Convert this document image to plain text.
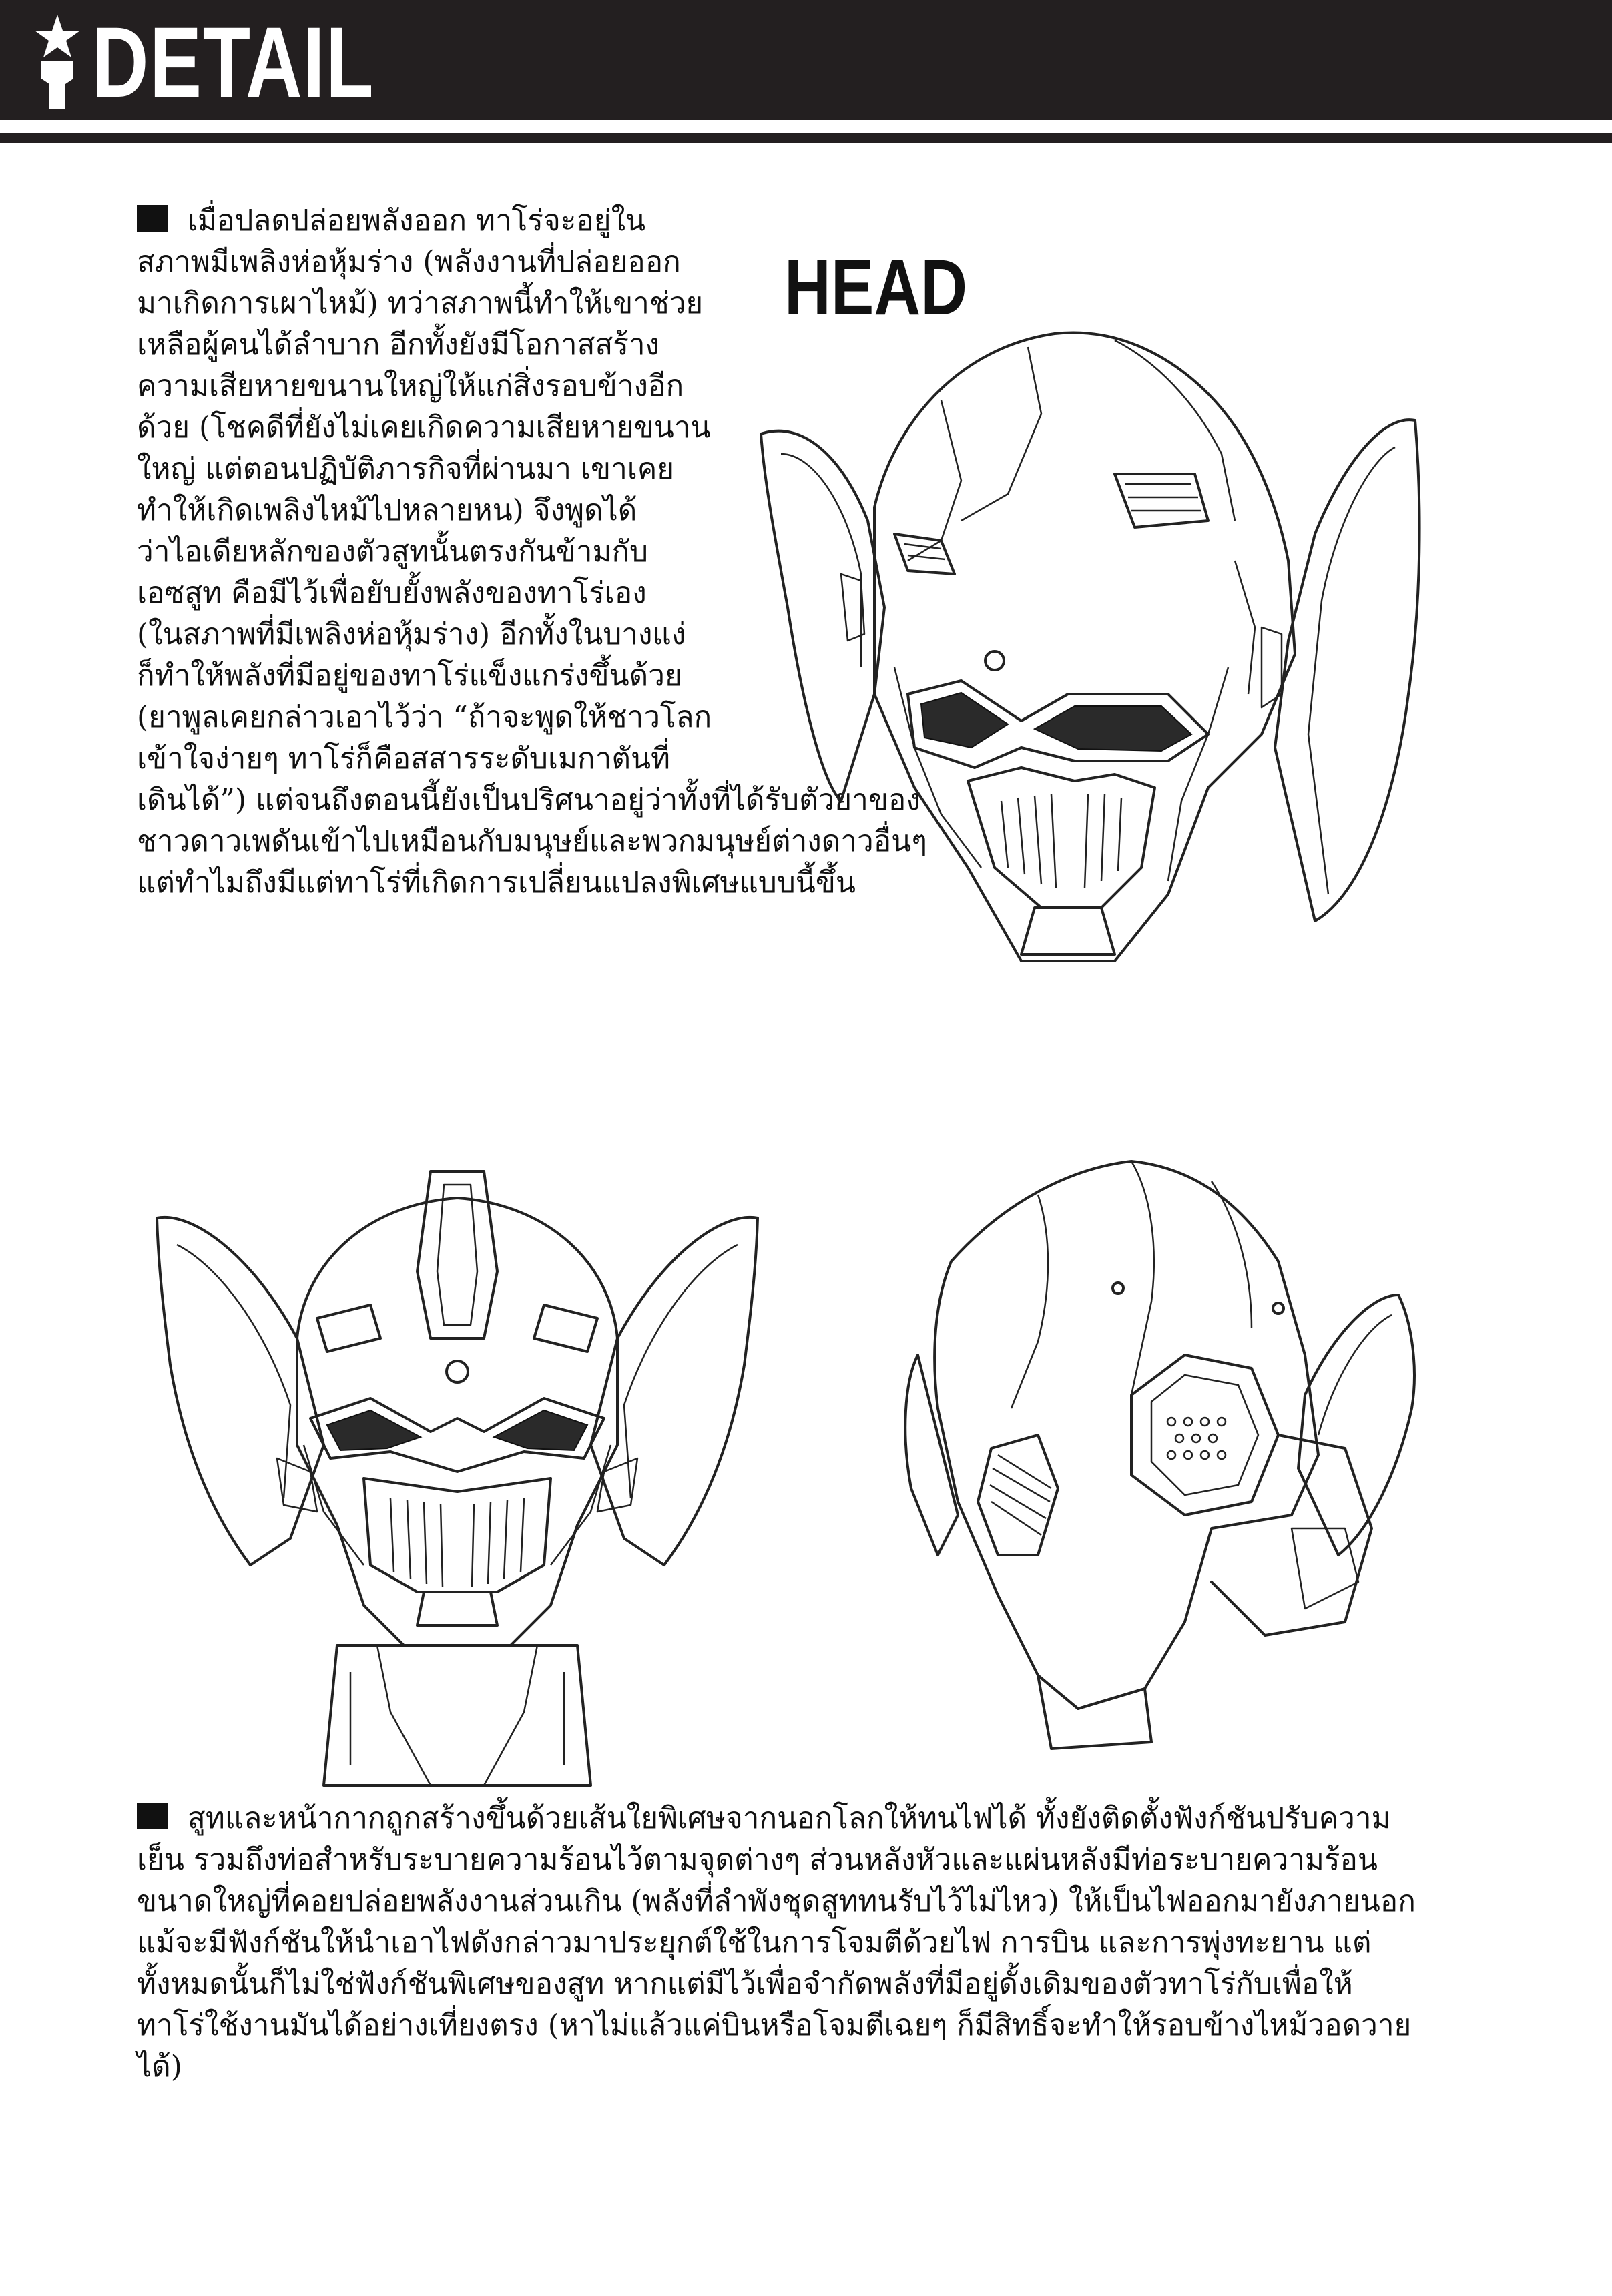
DETAIL
HEAD
เมื่อปลดปล่อยพลังออก ทาโร่จะอยู่ใน
สภาพมีเพลิงห่อหุ้มร่าง (พลังงานที่ปล่อยออก
มาเกิดการเผาไหม้) ทว่าสภาพนี้ทำให้เขาช่วย
เหลือผู้คนได้ลำบาก อีกทั้งยังมีโอกาสสร้าง
ความเสียหายขนานใหญ่ให้แก่สิ่งรอบข้างอีก
ด้วย (โชคดีที่ยังไม่เคยเกิดความเสียหายขนาน
ใหญ่ แต่ตอนปฏิบัติภารกิจที่ผ่านมา เขาเคย
ทำให้เกิดเพลิงไหม้ไปหลายหน) จึงพูดได้
ว่าไอเดียหลักของตัวสูทนั้นตรงกันข้ามกับ
เอซสูท คือมีไว้เพื่อยับยั้งพลังของทาโร่เอง
(ในสภาพที่มีเพลิงห่อหุ้มร่าง) อีกทั้งในบางแง่
ก็ทำให้พลังที่มีอยู่ของทาโร่แข็งแกร่งขึ้นด้วย
(ยาพูลเคยกล่าวเอาไว้ว่า “ถ้าจะพูดให้ชาวโลก
เข้าใจง่ายๆ ทาโร่ก็คือสสารระดับเมกาตันที่
เดินได้”) แต่จนถึงตอนนี้ยังเป็นปริศนาอยู่ว่าทั้งที่ได้รับตัวยาของ
ชาวดาวเพดันเข้าไปเหมือนกับมนุษย์และพวกมนุษย์ต่างดาวอื่นๆ
แต่ทำไมถึงมีแต่ทาโร่ที่เกิดการเปลี่ยนแปลงพิเศษแบบนี้ขึ้น
สูทและหน้ากากถูกสร้างขึ้นด้วยเส้นใยพิเศษจากนอกโลกให้ทนไฟได้ ทั้งยังติดตั้งฟังก์ชันปรับความ
เย็น รวมถึงท่อสำหรับระบายความร้อนไว้ตามจุดต่างๆ ส่วนหลังหัวและแผ่นหลังมีท่อระบายความร้อน
ขนาดใหญ่ที่คอยปล่อยพลังงานส่วนเกิน (พลังที่ลำพังชุดสูททนรับไว้ไม่ไหว) ให้เป็นไฟออกมายังภายนอก
แม้จะมีฟังก์ชันให้นำเอาไฟดังกล่าวมาประยุกต์ใช้ในการโจมตีด้วยไฟ การบิน และการพุ่งทะยาน แต่
ทั้งหมดนั้นก็ไม่ใช่ฟังก์ชันพิเศษของสูท หากแต่มีไว้เพื่อจำกัดพลังที่มีอยู่ดั้งเดิมของตัวทาโร่กับเพื่อให้
ทาโร่ใช้งานมันได้อย่างเที่ยงตรง (หาไม่แล้วแค่บินหรือโจมตีเฉยๆ ก็มีสิทธิ์จะทำให้รอบข้างไหม้วอดวาย
ได้)
